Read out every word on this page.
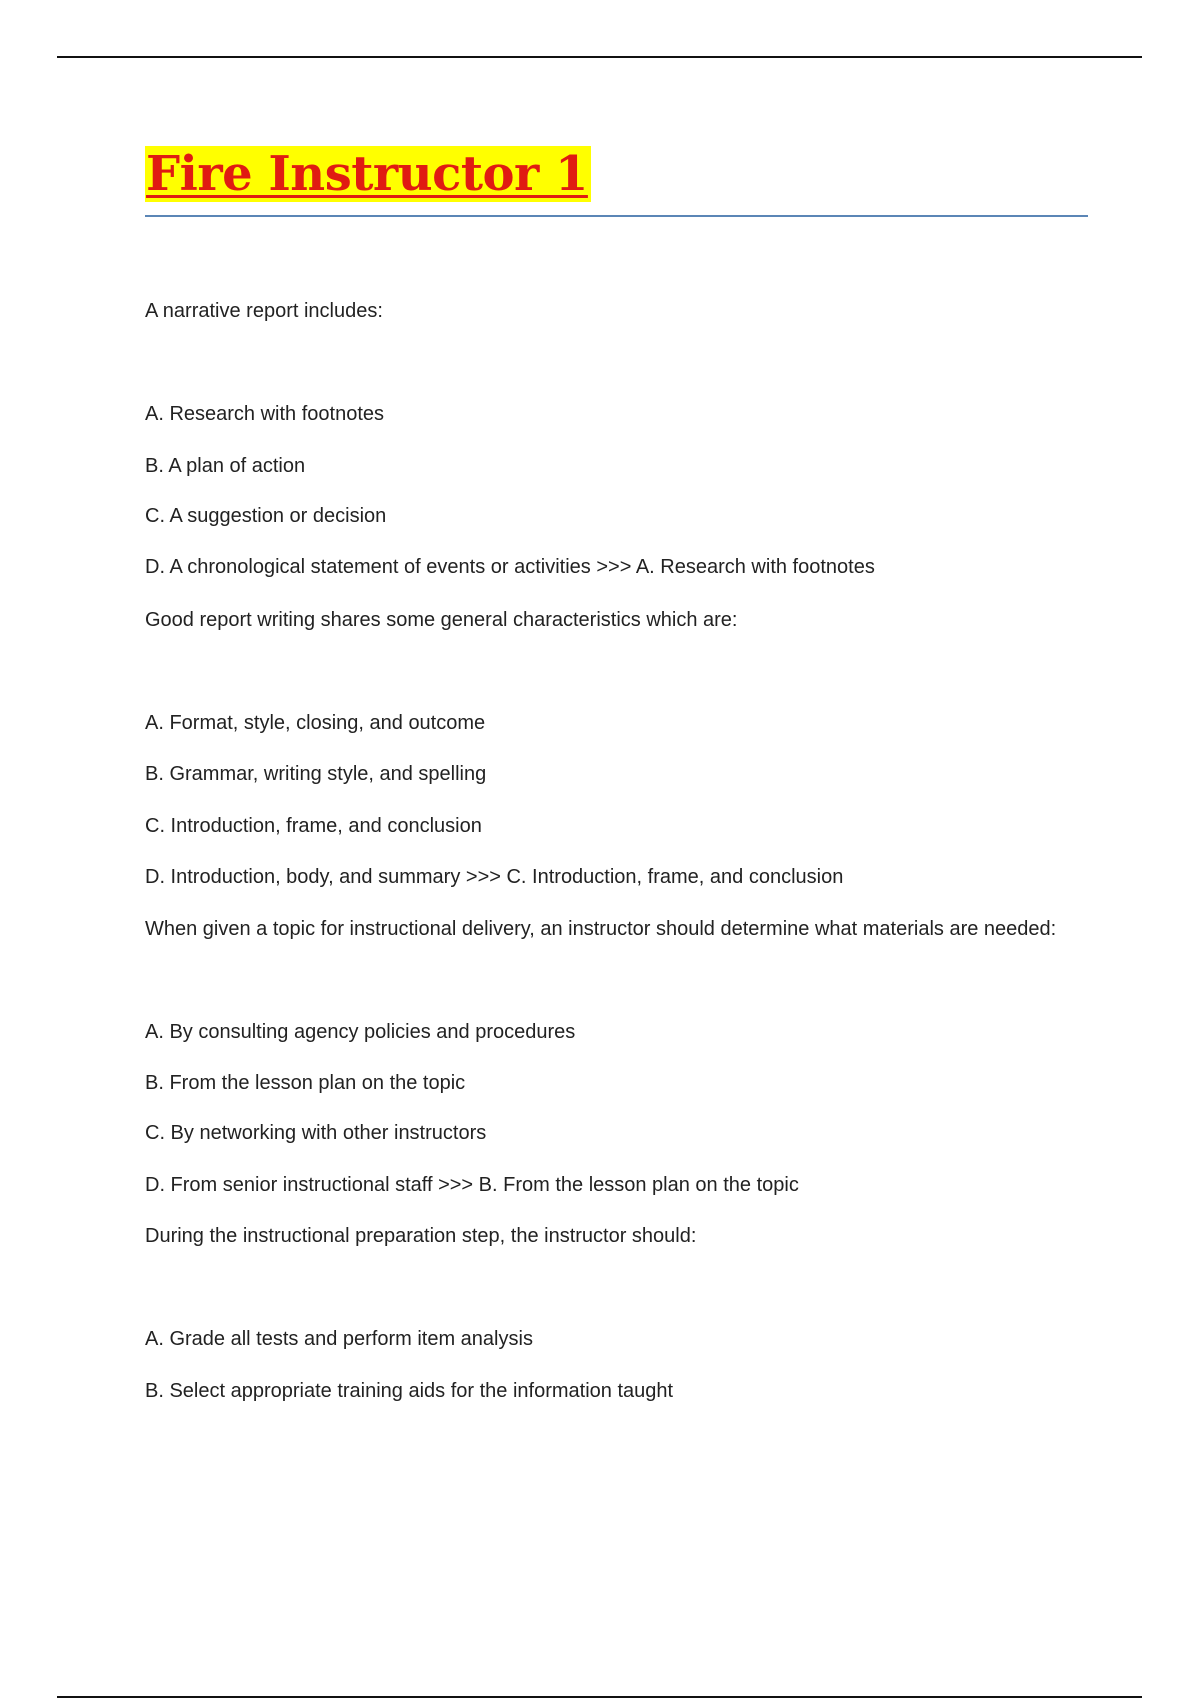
Fire Instructor 1
A narrative report includes:
A. Research with footnotes
B. A plan of action
C. A suggestion or decision
D. A chronological statement of events or activities >>> A. Research with footnotes
Good report writing shares some general characteristics which are:
A. Format, style, closing, and outcome
B. Grammar, writing style, and spelling
C. Introduction, frame, and conclusion
D. Introduction, body, and summary >>> C. Introduction, frame, and conclusion
When given a topic for instructional delivery, an instructor should determine what materials are needed:
A. By consulting agency policies and procedures
B. From the lesson plan on the topic
C. By networking with other instructors
D. From senior instructional staff >>> B. From the lesson plan on the topic
During the instructional preparation step, the instructor should:
A. Grade all tests and perform item analysis
B. Select appropriate training aids for the information taught
